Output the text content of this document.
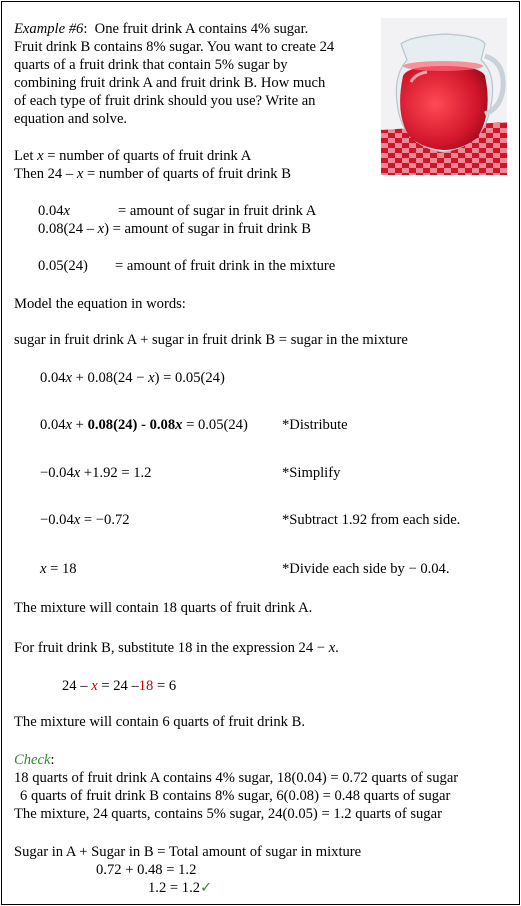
Example #6: One fruit drink A contains 4% sugar.
Fruit drink B contains 8% sugar. You want to create 24
quarts of a fruit drink that contain 5% sugar by
combining fruit drink A and fruit drink B. How much
of each type of fruit drink should you use? Write an
equation and solve.
Let x = number of quarts of fruit drink A
Then 24 – x = number of quarts of fruit drink B
0.04x	= amount of sugar in fruit drink A
0.08(24 – x) = amount of sugar in fruit drink B
0.05(24) = amount of fruit drink in the mixture
Model the equation in words:
sugar in fruit drink A + sugar in fruit drink B = sugar in the mixture
0.04x + 0.08(24 − x) = 0.05(24)
0.04x + 0.08(24) - 0.08x = 0.05(24) *Distribute
−0.04x +1.92 = 1.2	*Simplify
−0.04x = −0.72	*Subtract 1.92 from each side.
x = 18	*Divide each side by − 0.04.
The mixture will contain 18 quarts of fruit drink A.
For fruit drink B, substitute 18 in the expression 24 − x.
24 – x = 24 –18 = 6
The mixture will contain 6 quarts of fruit drink B.
Check:
18 quarts of fruit drink A contains 4% sugar, 18(0.04) = 0.72 quarts of sugar
6 quarts of fruit drink B contains 8% sugar, 6(0.08) = 0.48 quarts of sugar
The mixture, 24 quarts, contains 5% sugar, 24(0.05) = 1.2 quarts of sugar
Sugar in A + Sugar in B = Total amount of sugar in mixture
0.72 + 0.48 = 1.2
1.2 = 1.2✓
